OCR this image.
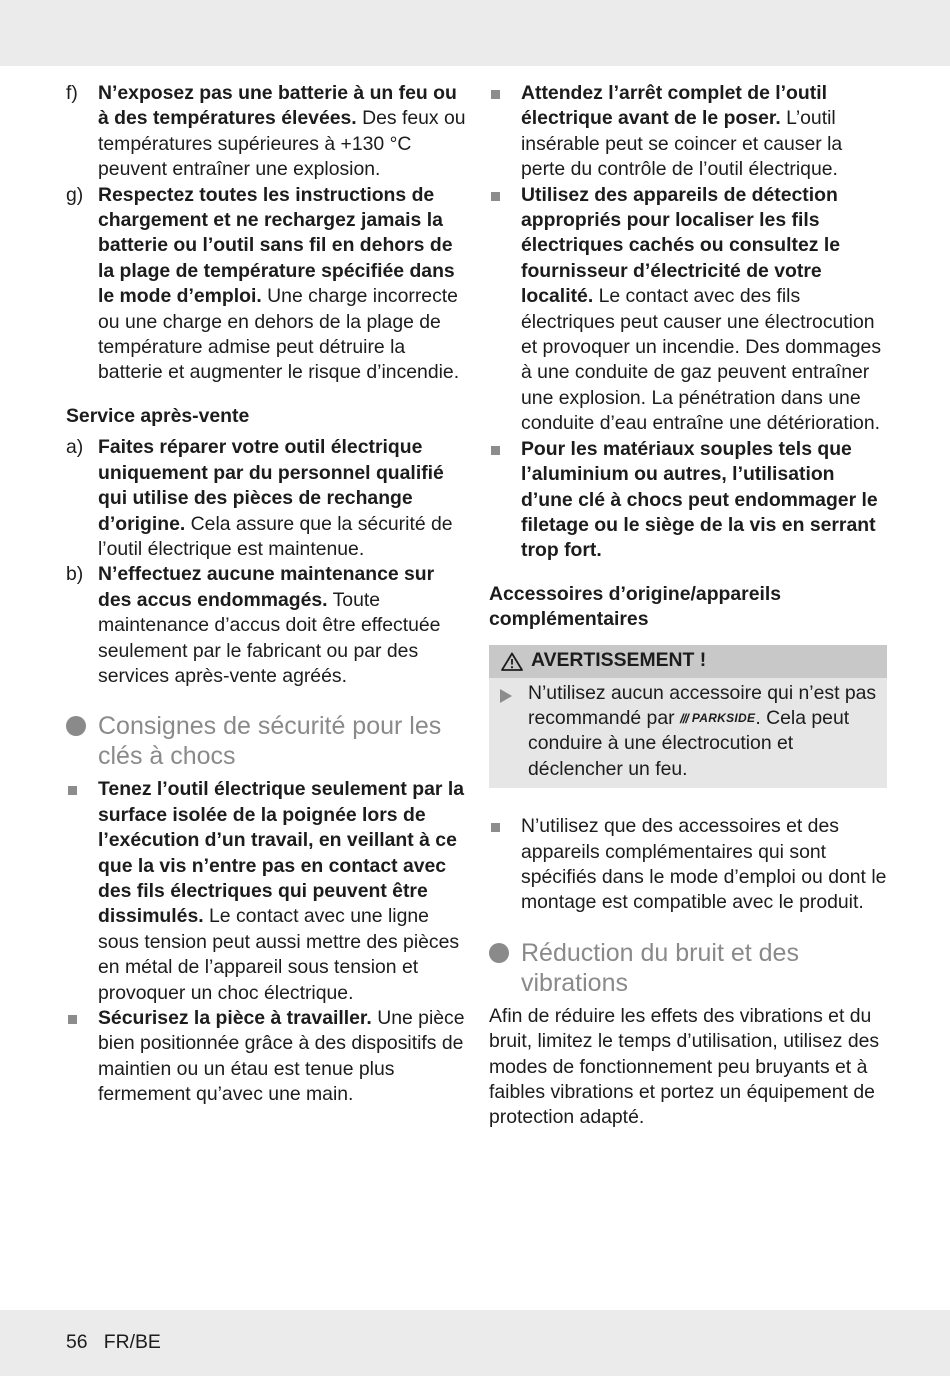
f) N’exposez pas une batterie à un feu ou à des températures élevées. Des feux ou températures supérieures à +130 °C peuvent entraîner une explosion.

g) Respectez toutes les instructions de chargement et ne rechargez jamais la batterie ou l’outil sans fil en dehors de la plage de température spécifiée dans le mode d’emploi. Une charge incorrecte ou une charge en dehors de la plage de température admise peut détruire la batterie et augmenter le risque d’incendie.

Service après-vente
a) Faites réparer votre outil électrique uniquement par du personnel qualifié qui utilise des pièces de rechange d’origine. Cela assure que la sécurité de l’outil électrique est maintenue.

b) N’effectuez aucune maintenance sur des accus endommagés. Toute maintenance d’accus doit être effectuée seulement par le fabricant ou par des services après-vente agréés.

Consignes de sécurité pour les clés à chocs

Tenez l’outil électrique seulement par la surface isolée de la poignée lors de l’exécution d’un travail, en veillant à ce que la vis n’entre pas en contact avec des fils électriques qui peuvent être dissimulés. Le contact avec une ligne sous tension peut aussi mettre des pièces en métal de l’appareil sous tension et provoquer un choc électrique.

Sécurisez la pièce à travailler. Une pièce bien positionnée grâce à des dispositifs de maintien ou un étau est tenue plus fermement qu’avec une main.

Attendez l’arrêt complet de l’outil électrique avant de le poser. L’outil insérable peut se coincer et causer la perte du contrôle de l’outil électrique.

Utilisez des appareils de détection appropriés pour localiser les fils électriques cachés ou consultez le fournisseur d’électricité de votre localité. Le contact avec des fils électriques peut causer une électrocution et provoquer un incendie. Des dommages à une conduite de gaz peuvent entraîner une explosion. La pénétration dans une conduite d’eau entraîne une détérioration.

Pour les matériaux souples tels que l’aluminium ou autres, l’utilisation d’une clé à chocs peut endommager le filetage ou le siège de la vis en serrant trop fort.

Accessoires d’origine/appareils complémentaires
AVERTISSEMENT !

N’utilisez aucun accessoire qui n’est pas recommandé par /// PARKSIDE . Cela peut conduire à une électrocution et déclencher un feu.

N’utilisez que des accessoires et des appareils complémentaires qui sont spécifiés dans le mode d’emploi ou dont le montage est compatible avec le produit.

Réduction du bruit et des vibrations

Afin de réduire les effets des vibrations et du bruit, limitez le temps d’utilisation, utilisez des modes de fonctionnement peu bruyants et à faibles vibrations et portez un équipement de protection adapté.

56   FR/BE
